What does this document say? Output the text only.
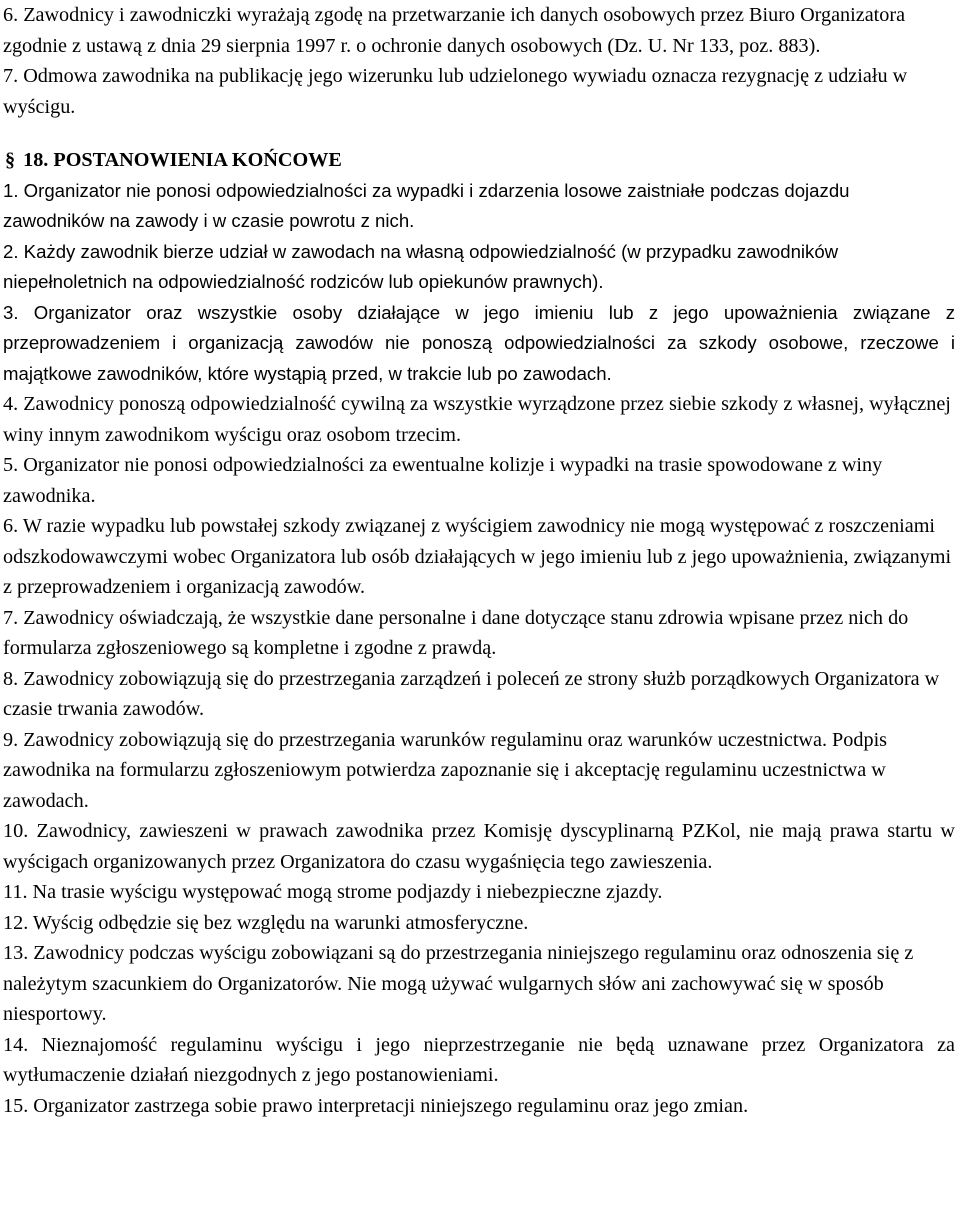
6. Zawodnicy i zawodniczki wyrażają zgodę na przetwarzanie ich danych osobowych przez Biuro Organizatora zgodnie z ustawą z dnia 29 sierpnia 1997 r. o ochronie danych osobowych (Dz. U. Nr 133, poz. 883).

7. Odmowa zawodnika na publikację jego wizerunku lub udzielonego wywiadu oznacza rezygnację z udziału w wyścigu.

§ 18. POSTANOWIENIA KOŃCOWE

1. Organizator nie ponosi odpowiedzialności za wypadki i zdarzenia losowe zaistniałe podczas dojazdu zawodników na zawody i w czasie powrotu z nich.

2. Każdy zawodnik bierze udział w zawodach na własną odpowiedzialność (w przypadku zawodników niepełnoletnich na odpowiedzialność rodziców lub opiekunów prawnych).

3. Organizator oraz wszystkie osoby działające w jego imieniu lub z jego upoważnienia związane z przeprowadzeniem i organizacją zawodów nie ponoszą odpowiedzialności za szkody osobowe, rzeczowe i majątkowe zawodników, które wystąpią przed, w trakcie lub po zawodach.

4. Zawodnicy ponoszą odpowiedzialność cywilną za wszystkie wyrządzone przez siebie szkody z własnej, wyłącznej winy innym zawodnikom wyścigu oraz osobom trzecim.

5. Organizator nie ponosi odpowiedzialności za ewentualne kolizje i wypadki na trasie spowodowane z winy zawodnika.

6. W razie wypadku lub powstałej szkody związanej z wyścigiem zawodnicy nie mogą występować z roszczeniami odszkodowawczymi wobec Organizatora lub osób działających w jego imieniu lub z jego upoważnienia, związanymi z przeprowadzeniem i organizacją zawodów.

7. Zawodnicy oświadczają, że wszystkie dane personalne i dane dotyczące stanu zdrowia wpisane przez nich do formularza zgłoszeniowego są kompletne i zgodne z prawdą.

8. Zawodnicy zobowiązują się do przestrzegania zarządzeń i poleceń ze strony służb porządkowych Organizatora w czasie trwania zawodów.

9. Zawodnicy zobowiązują się do przestrzegania warunków regulaminu oraz warunków uczestnictwa. Podpis zawodnika na formularzu zgłoszeniowym potwierdza zapoznanie się i akceptację regulaminu uczestnictwa w zawodach.

10. Zawodnicy, zawieszeni w prawach zawodnika przez Komisję dyscyplinarną PZKol, nie mają prawa startu w wyścigach organizowanych przez Organizatora do czasu wygaśnięcia tego zawieszenia.

11. Na trasie wyścigu występować mogą strome podjazdy i niebezpieczne zjazdy.

12. Wyścig odbędzie się bez względu na warunki atmosferyczne.

13. Zawodnicy podczas wyścigu zobowiązani są do przestrzegania niniejszego regulaminu oraz odnoszenia się z należytym szacunkiem do Organizatorów. Nie mogą używać wulgarnych słów ani zachowywać się w sposób niesportowy.

14. Nieznajomość regulaminu wyścigu i jego nieprzestrzeganie nie będą uznawane przez Organizatora za wytłumaczenie działań niezgodnych z jego postanowieniami.

15. Organizator zastrzega sobie prawo interpretacji niniejszego regulaminu oraz jego zmian.
